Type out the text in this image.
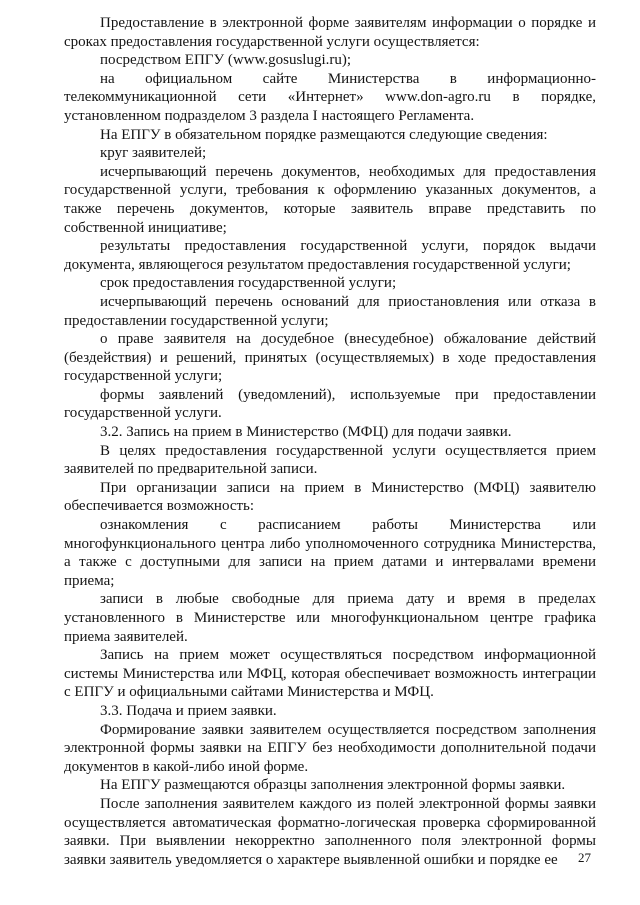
Предоставление в электронной форме заявителям информации о порядке и сроках предоставления государственной услуги осуществляется:

посредством ЕПГУ (www.gosuslugi.ru);

на официальном сайте Министерства в информационно-телекоммуникационной сети «Интернет» www.don-agro.ru в порядке, установленном подразделом 3 раздела I настоящего Регламента.

На ЕПГУ в обязательном порядке размещаются следующие сведения:

круг заявителей;

исчерпывающий перечень документов, необходимых для предоставления государственной услуги, требования к оформлению указанных документов, а также перечень документов, которые заявитель вправе представить по собственной инициативе;

результаты предоставления государственной услуги, порядок выдачи документа, являющегося результатом предоставления государственной услуги;

срок предоставления государственной услуги;

исчерпывающий перечень оснований для приостановления или отказа в предоставлении государственной услуги;

о праве заявителя на досудебное (внесудебное) обжалование действий (бездействия) и решений, принятых (осуществляемых) в ходе предоставления государственной услуги;

формы заявлений (уведомлений), используемые при предоставлении государственной услуги.

3.2. Запись на прием в Министерство (МФЦ) для подачи заявки.

В целях предоставления государственной услуги осуществляется прием заявителей по предварительной записи.

При организации записи на прием в Министерство (МФЦ) заявителю обеспечивается возможность:

ознакомления с расписанием работы Министерства или многофункционального центра либо уполномоченного сотрудника Министерства, а также с доступными для записи на прием датами и интервалами времени приема;

записи в любые свободные для приема дату и время в пределах установленного в Министерстве или многофункциональном центре графика приема заявителей.

Запись на прием может осуществляться посредством информационной системы Министерства или МФЦ, которая обеспечивает возможность интеграции с ЕПГУ и официальными сайтами Министерства и МФЦ.

3.3. Подача и прием заявки.

Формирование заявки заявителем осуществляется посредством заполнения электронной формы заявки на ЕПГУ без необходимости дополнительной подачи документов в какой-либо иной форме.

На ЕПГУ размещаются образцы заполнения электронной формы заявки.

После заполнения заявителем каждого из полей электронной формы заявки осуществляется автоматическая форматно-логическая проверка сформированной заявки. При выявлении некорректно заполненного поля электронной формы заявки заявитель уведомляется о характере выявленной ошибки и порядке ее	27
